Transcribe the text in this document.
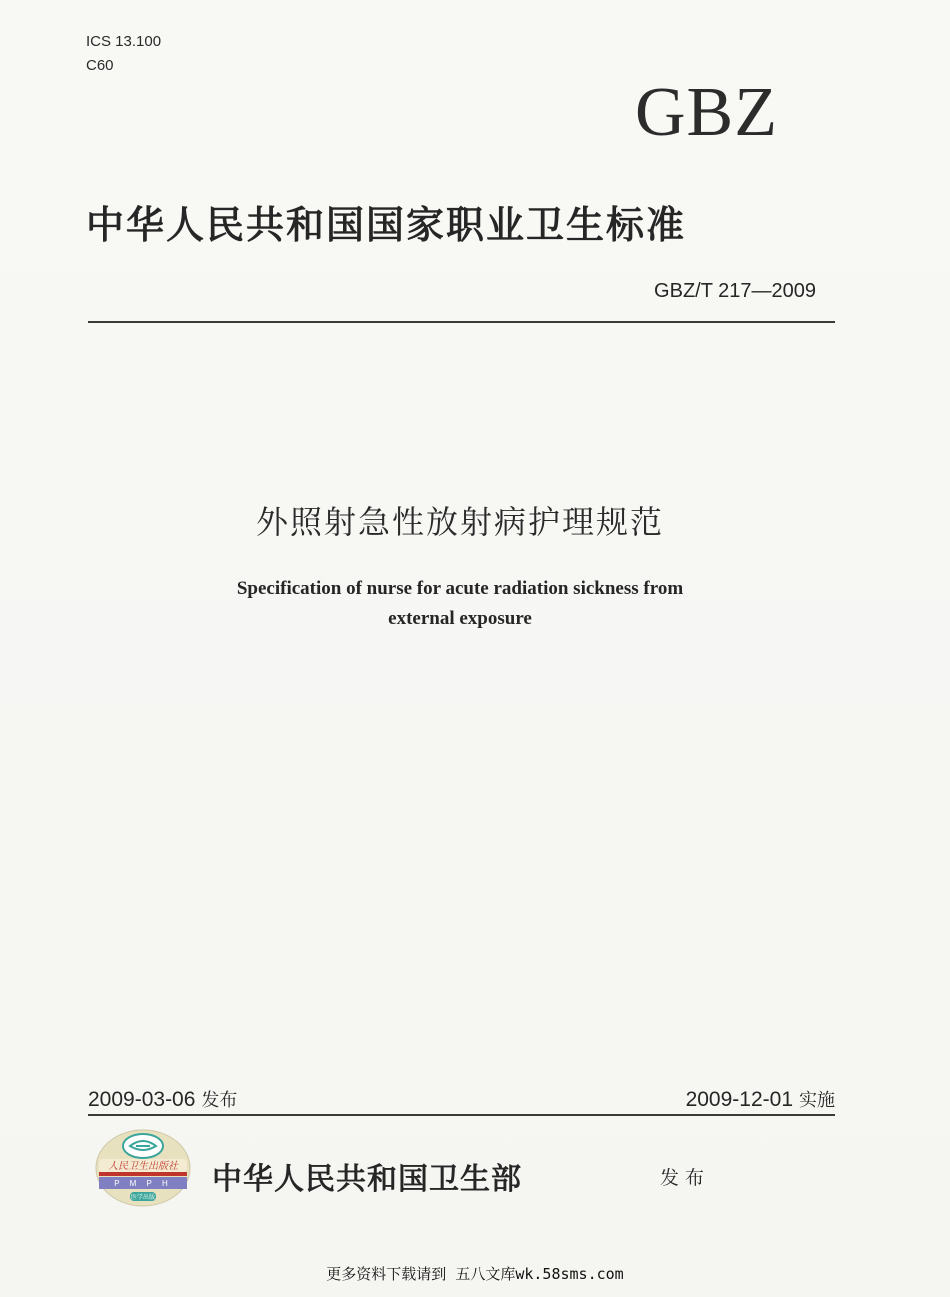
ICS 13.100
C60
GBZ
中华人民共和国国家职业卫生标准
GBZ/T 217—2009
外照射急性放射病护理规范
Specification of nurse for acute radiation sickness from
external exposure
2009-03-06 发布	2009-12-01 实施
人民卫生出版社
P M P H
医学出版
中华人民共和国卫生部	发布
更多资料下载请到 五八文库wk.58sms.com
